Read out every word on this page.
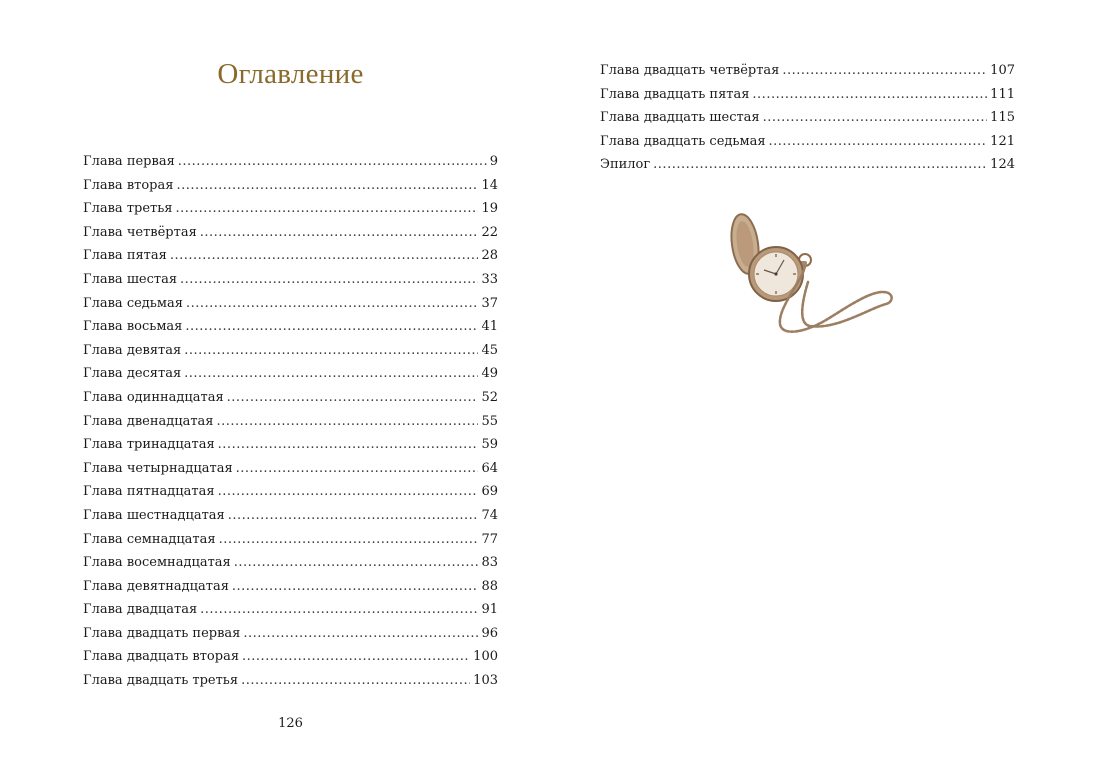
Оглавление
Глава первая .....	9
Глава вторая .....	14
Глава третья .....	19
Глава четвёртая .....	22
Глава пятая .....	28
Глава шестая .....	33
Глава седьмая .....	37
Глава восьмая .....	41
Глава девятая .....	45
Глава десятая .....	49
Глава одиннадцатая .....	52
Глава двенадцатая .....	55
Глава тринадцатая .....	59
Глава четырнадцатая .....	64
Глава пятнадцатая .....	69
Глава шестнадцатая .....	74
Глава семнадцатая .....	77
Глава восемнадцатая .....	83
Глава девятнадцатая .....	88
Глава двадцатая .....	91
Глава двадцать первая .....	96
Глава двадцать вторая .....	100
Глава двадцать третья .....	103
126
Глава двадцать четвёртая .....	107
Глава двадцать пятая .....	111
Глава двадцать шестая .....	115
Глава двадцать седьмая .....	121
Эпилог .....	124
